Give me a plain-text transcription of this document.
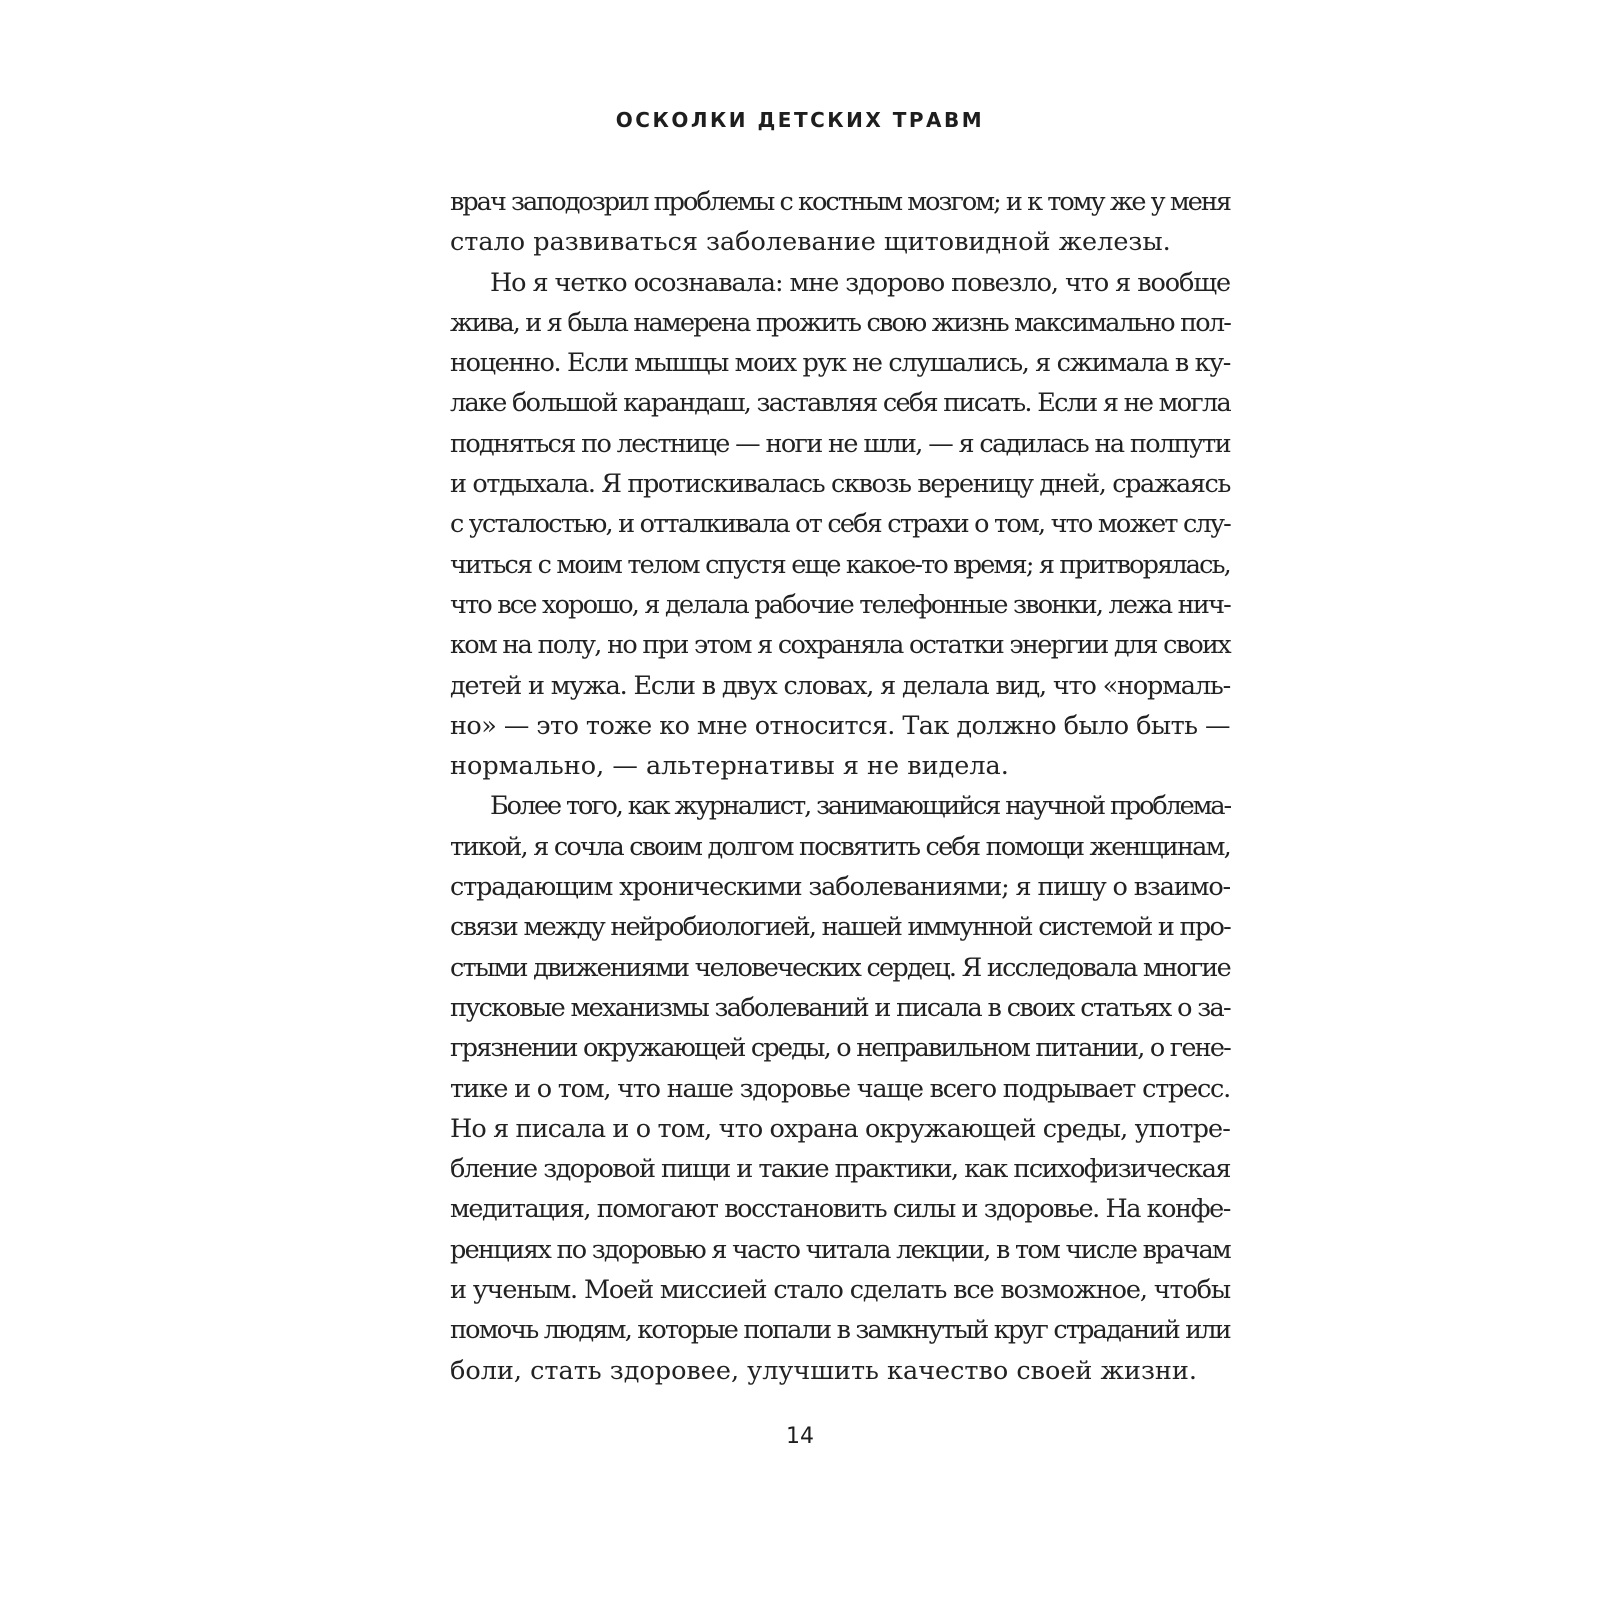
ОСКОЛКИ ДЕТСКИХ ТРАВМ

врач заподозрил проблемы с костным мозгом; и к тому же у меня
стало развиваться заболевание щитовидной железы.

Но я четко осознавала: мне здорово повезло, что я вообще
жива, и я была намерена прожить свою жизнь максимально пол-
ноценно. Если мышцы моих рук не слушались, я сжимала в ку-
лаке большой карандаш, заставляя себя писать. Если я не могла
подняться по лестнице — ноги не шли, — я садилась на полпути
и отдыхала. Я протискивалась сквозь вереницу дней, сражаясь
с усталостью, и отталкивала от себя страхи о том, что может слу-
читься с моим телом спустя еще какое-то время; я притворялась,
что все хорошо, я делала рабочие телефонные звонки, лежа нич-
ком на полу, но при этом я сохраняла остатки энергии для своих
детей и мужа. Если в двух словах, я делала вид, что «нормаль-
но» — это тоже ко мне относится. Так должно было быть —
нормально, — альтернативы я не видела.

Более того, как журналист, занимающийся научной проблема-
тикой, я сочла своим долгом посвятить себя помощи женщинам,
страдающим хроническими заболеваниями; я пишу о взаимо-
связи между нейробиологией, нашей иммунной системой и про-
стыми движениями человеческих сердец. Я исследовала многие
пусковые механизмы заболеваний и писала в своих статьях о за-
грязнении окружающей среды, о неправильном питании, о гене-
тике и о том, что наше здоровье чаще всего подрывает стресс.
Но я писала и о том, что охрана окружающей среды, употре-
бление здоровой пищи и такие практики, как психофизическая
медитация, помогают восстановить силы и здоровье. На конфе-
ренциях по здоровью я часто читала лекции, в том числе врачам
и ученым. Моей миссией стало сделать все возможное, чтобы
помочь людям, которые попали в замкнутый круг страданий или
боли, стать здоровее, улучшить качество своей жизни.

14
